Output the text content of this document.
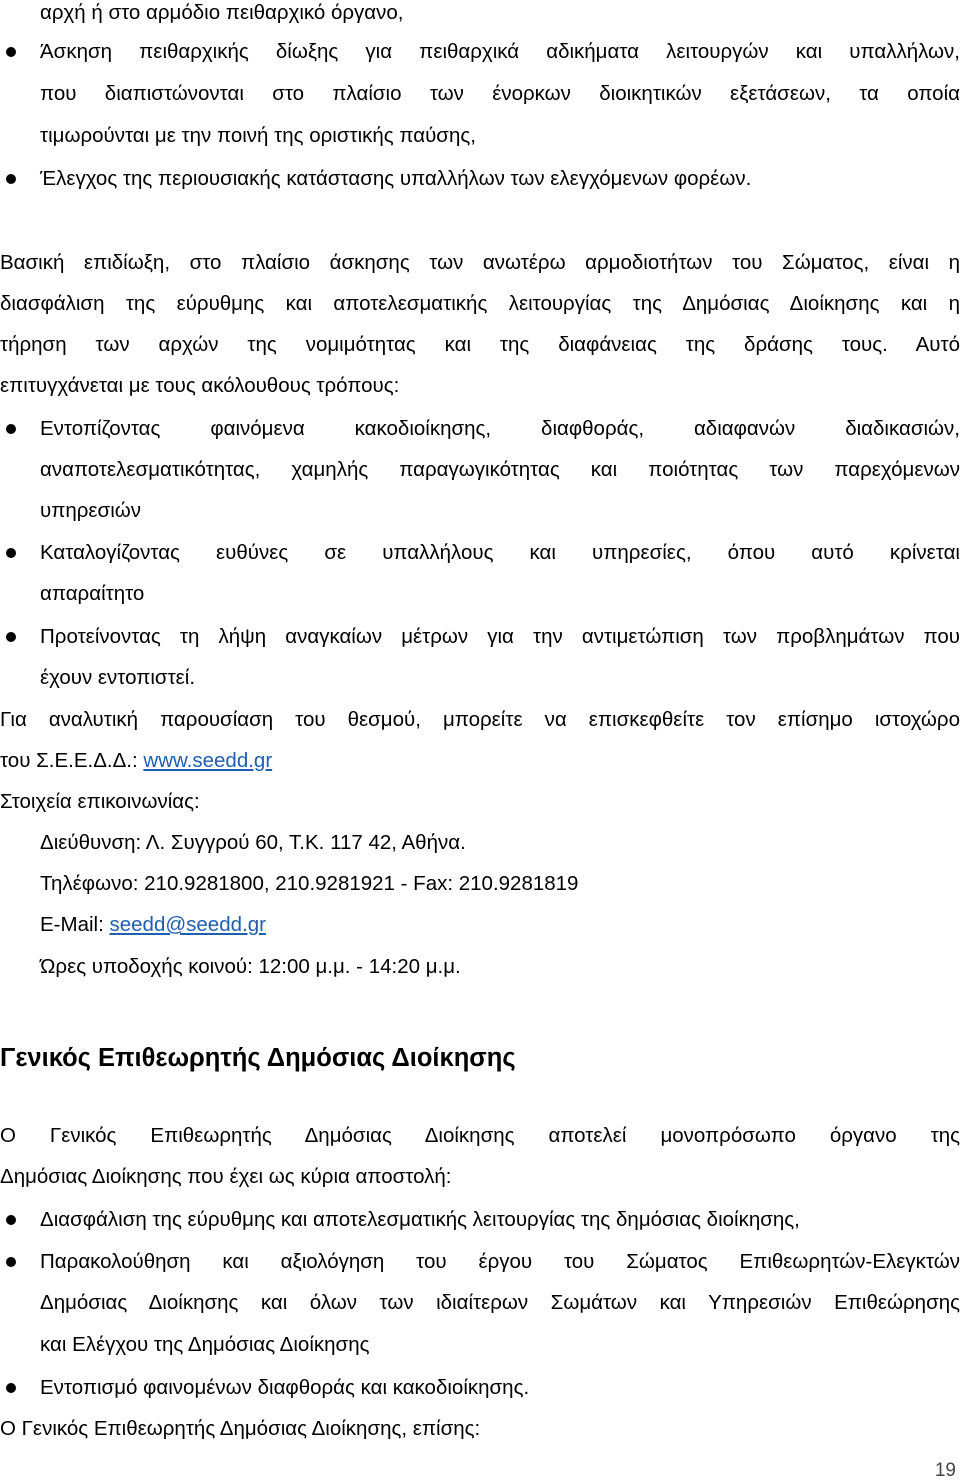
αρχή ή στο αρμόδιο πειθαρχικό όργανο,

Άσκηση πειθαρχικής δίωξης για πειθαρχικά αδικήματα λειτουργών και υπαλλήλων,

που διαπιστώνονται στο πλαίσιο των ένορκων διοικητικών εξετάσεων, τα οποία

τιμωρούνται με την ποινή της οριστικής παύσης,

Έλεγχος της περιουσιακής κατάστασης υπαλλήλων των ελεγχόμενων φορέων.

Βασική επιδίωξη, στο πλαίσιο άσκησης των ανωτέρω αρμοδιοτήτων του Σώματος, είναι η

διασφάλιση της εύρυθμης και αποτελεσματικής λειτουργίας της Δημόσιας Διοίκησης και η

τήρηση των αρχών της νομιμότητας και της διαφάνειας της δράσης τους. Αυτό

επιτυγχάνεται με τους ακόλουθους τρόπους:

Εντοπίζοντας φαινόμενα κακοδιοίκησης, διαφθοράς, αδιαφανών διαδικασιών,

αναποτελεσματικότητας, χαμηλής παραγωγικότητας και ποιότητας των παρεχόμενων

υπηρεσιών

Καταλογίζοντας ευθύνες σε υπαλλήλους και υπηρεσίες, όπου αυτό κρίνεται

απαραίτητο

Προτείνοντας τη λήψη αναγκαίων μέτρων για την αντιμετώπιση των προβλημάτων που

έχουν εντοπιστεί.

Για αναλυτική παρουσίαση του θεσμού, μπορείτε να επισκεφθείτε τον επίσημο ιστοχώρο

του Σ.Ε.Ε.Δ.Δ.: www.seedd.gr

Στοιχεία επικοινωνίας:

Διεύθυνση: Λ. Συγγρού 60, Τ.Κ. 117 42, Αθήνα.

Τηλέφωνο: 210.9281800, 210.9281921 - Fax: 210.9281819

E-Mail: seedd@seedd.gr

Ώρες υποδοχής κοινού: 12:00 μ.μ. - 14:20 μ.μ.

Γενικός Επιθεωρητής Δημόσιας Διοίκησης

Ο Γενικός Επιθεωρητής Δημόσιας Διοίκησης αποτελεί μονοπρόσωπο όργανο της

Δημόσιας Διοίκησης που έχει ως κύρια αποστολή:

Διασφάλιση της εύρυθμης και αποτελεσματικής λειτουργίας της δημόσιας διοίκησης,

Παρακολούθηση και αξιολόγηση του έργου του Σώματος Επιθεωρητών-Ελεγκτών

Δημόσιας Διοίκησης και όλων των ιδιαίτερων Σωμάτων και Υπηρεσιών Επιθεώρησης

και Ελέγχου της Δημόσιας Διοίκησης

Εντοπισμό φαινομένων διαφθοράς και κακοδιοίκησης.

Ο Γενικός Επιθεωρητής Δημόσιας Διοίκησης, επίσης:

19
